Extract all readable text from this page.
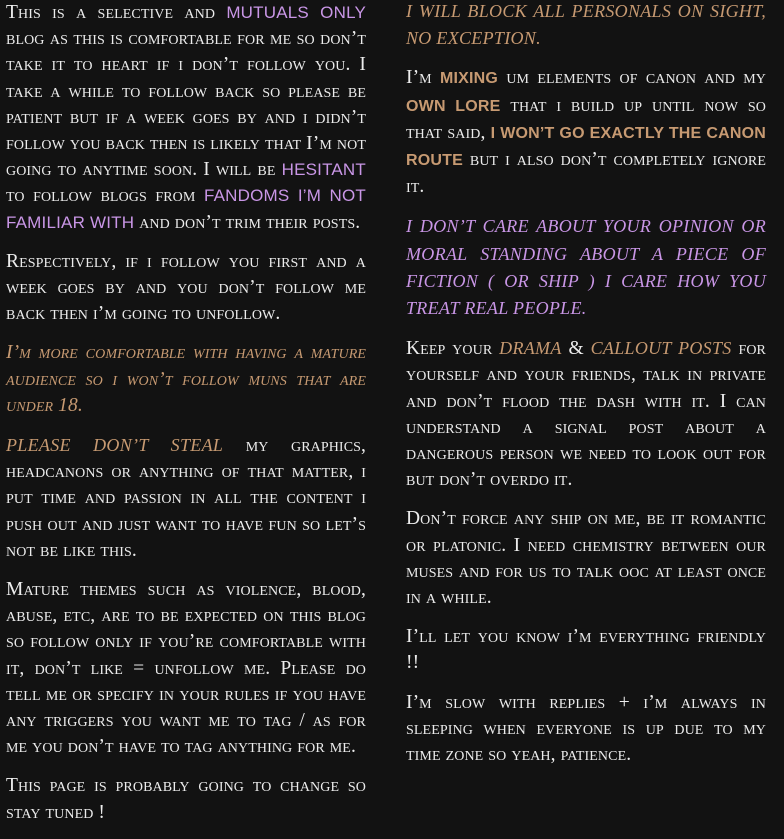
This is a selective and MUTUALS ONLY blog as this is comfortable for me so don’t take it to heart if i don’t follow you. I take a while to follow back so please be patient but if a week goes by and i didn’t follow you back then is likely that I’m not going to anytime soon. I will be HESITANT to follow blogs from FANDOMS I’M NOT FAMILIAR WITH and don’t trim their posts.

Respectively, if i follow you first and a week goes by and you don’t follow me back then i’m going to unfollow.

I’m more comfortable with having a mature audience so i won’t follow muns that are under 18.

PLEASE DON’T STEAL my graphics, headcanons or anything of that matter, i put time and passion in all the content i push out and just want to have fun so let’s not be like this.

Mature themes such as violence, blood, abuse, etc, are to be expected on this blog so follow only if you’re comfortable with it, don’t like = unfollow me. Please do tell me or specify in your rules if you have any triggers you want me to tag / as for me you don’t have to tag anything for me.

This page is probably going to change so stay tuned !

I WILL BLOCK ALL PERSONALS ON SIGHT, NO EXCEPTION.

I’m MIXING um elements of canon and my OWN LORE that i build up until now so that said, I WON’T GO EXACTLY THE CANON ROUTE but i also don’t completely ignore it.

I DON’T CARE ABOUT YOUR OPINION OR MORAL STANDING ABOUT A PIECE OF FICTION ( OR SHIP ) I CARE HOW YOU TREAT REAL PEOPLE.

Keep your DRAMA & CALLOUT POSTS for yourself and your friends, talk in private and don’t flood the dash with it. I can understand a signal post about a dangerous person we need to look out for but don’t overdo it.

Don’t force any ship on me, be it romantic or platonic. I need chemistry between our muses and for us to talk ooc at least once in a while.

I’ll let you know i’m everything friendly !!

I’m slow with replies + i’m always in sleeping when everyone is up due to my time zone so yeah, patience.
